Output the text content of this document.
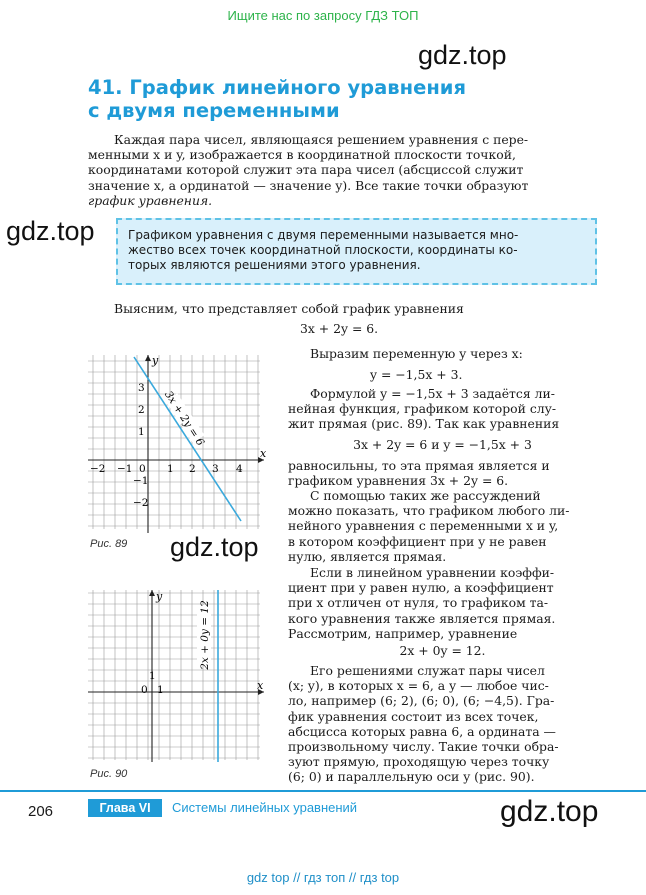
Ищите нас по запросу ГДЗ ТОП
41. График линейного уравнения
с двумя переменными
gdz.top
gdz.top
gdz.top
gdz.top
Каждая пара чисел, являющаяся решением уравнения с пере-
менными x и y, изображается в координатной плоскости точкой,
координатами которой служит эта пара чисел (абсциссой служит
значение x, а ординатой — значение y). Все такие точки образуют
график уравнения.
Графиком уравнения с двумя переменными называется мно-
жество всех точек координатной плоскости, координаты ко-
торых являются решениями этого уравнения.
Выясним, что представляет собой график уравнения
3x + 2y = 6.
Выразим переменную y через x:
y = −1,5x + 3.
Формулой y = −1,5x + 3 задаётся ли-
нейная функция, графиком которой слу-
жит прямая (рис. 89). Так как уравнения
3x + 2y = 6 и y = −1,5x + 3
равносильны, то эта прямая является и
графиком уравнения 3x + 2y = 6.
С помощью таких же рассуждений
можно показать, что графиком любого ли-
нейного уравнения с переменными x и y,
в котором коэффициент при y не равен
нулю, является прямая.
Если в линейном уравнении коэффи-
циент при y равен нулю, а коэффициент
при x отличен от нуля, то графиком та-
кого уравнения также является прямая.
Рассмотрим, например, уравнение
2x + 0y = 12.
Его решениями служат пары чисел
(x; y), в которых x = 6, а y — любое чис-
ло, например (6; 2), (6; 0), (6; −4,5). Гра-
фик уравнения состоит из всех точек,
абсцисса которых равна 6, а ордината —
произвольному числу. Такие точки обра-
зуют прямую, проходящую через точку
(6; 0) и параллельную оси y (рис. 90).
x
y
−2 −1 0 1 2 3 4
3
2
1
−1
−2
3x + 2y = 6
Рис. 89
x
y
1
0 1
2x + 0y = 12
Рис. 90
206	Глава VI	Системы линейных уравнений
gdz top // гдз топ // гдз top
